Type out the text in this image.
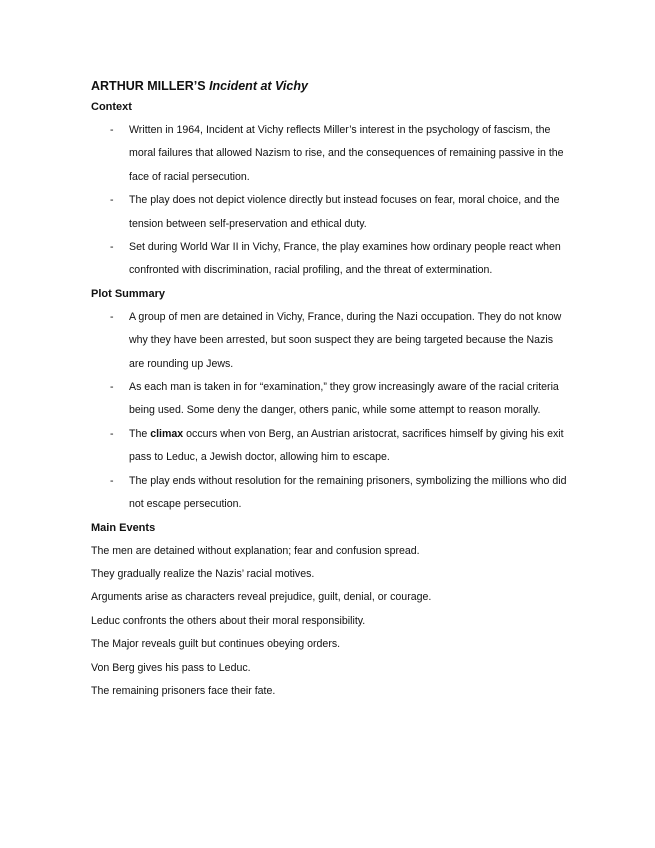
ARTHUR MILLER’S Incident at Vichy
Context
- Written in 1964, Incident at Vichy reflects Miller’s interest in the psychology of fascism, the moral failures that allowed Nazism to rise, and the consequences of remaining passive in the face of racial persecution.
- The play does not depict violence directly but instead focuses on fear, moral choice, and the tension between self-preservation and ethical duty.
- Set during World War II in Vichy, France, the play examines how ordinary people react when confronted with discrimination, racial profiling, and the threat of extermination.
Plot Summary
- A group of men are detained in Vichy, France, during the Nazi occupation. They do not know why they have been arrested, but soon suspect they are being targeted because the Nazis are rounding up Jews.
- As each man is taken in for “examination,” they grow increasingly aware of the racial criteria being used. Some deny the danger, others panic, while some attempt to reason morally.
- The climax occurs when von Berg, an Austrian aristocrat, sacrifices himself by giving his exit pass to Leduc, a Jewish doctor, allowing him to escape.
- The play ends without resolution for the remaining prisoners, symbolizing the millions who did not escape persecution.
Main Events
The men are detained without explanation; fear and confusion spread.
They gradually realize the Nazis’ racial motives.
Arguments arise as characters reveal prejudice, guilt, denial, or courage.
Leduc confronts the others about their moral responsibility.
The Major reveals guilt but continues obeying orders.
Von Berg gives his pass to Leduc.
The remaining prisoners face their fate.
